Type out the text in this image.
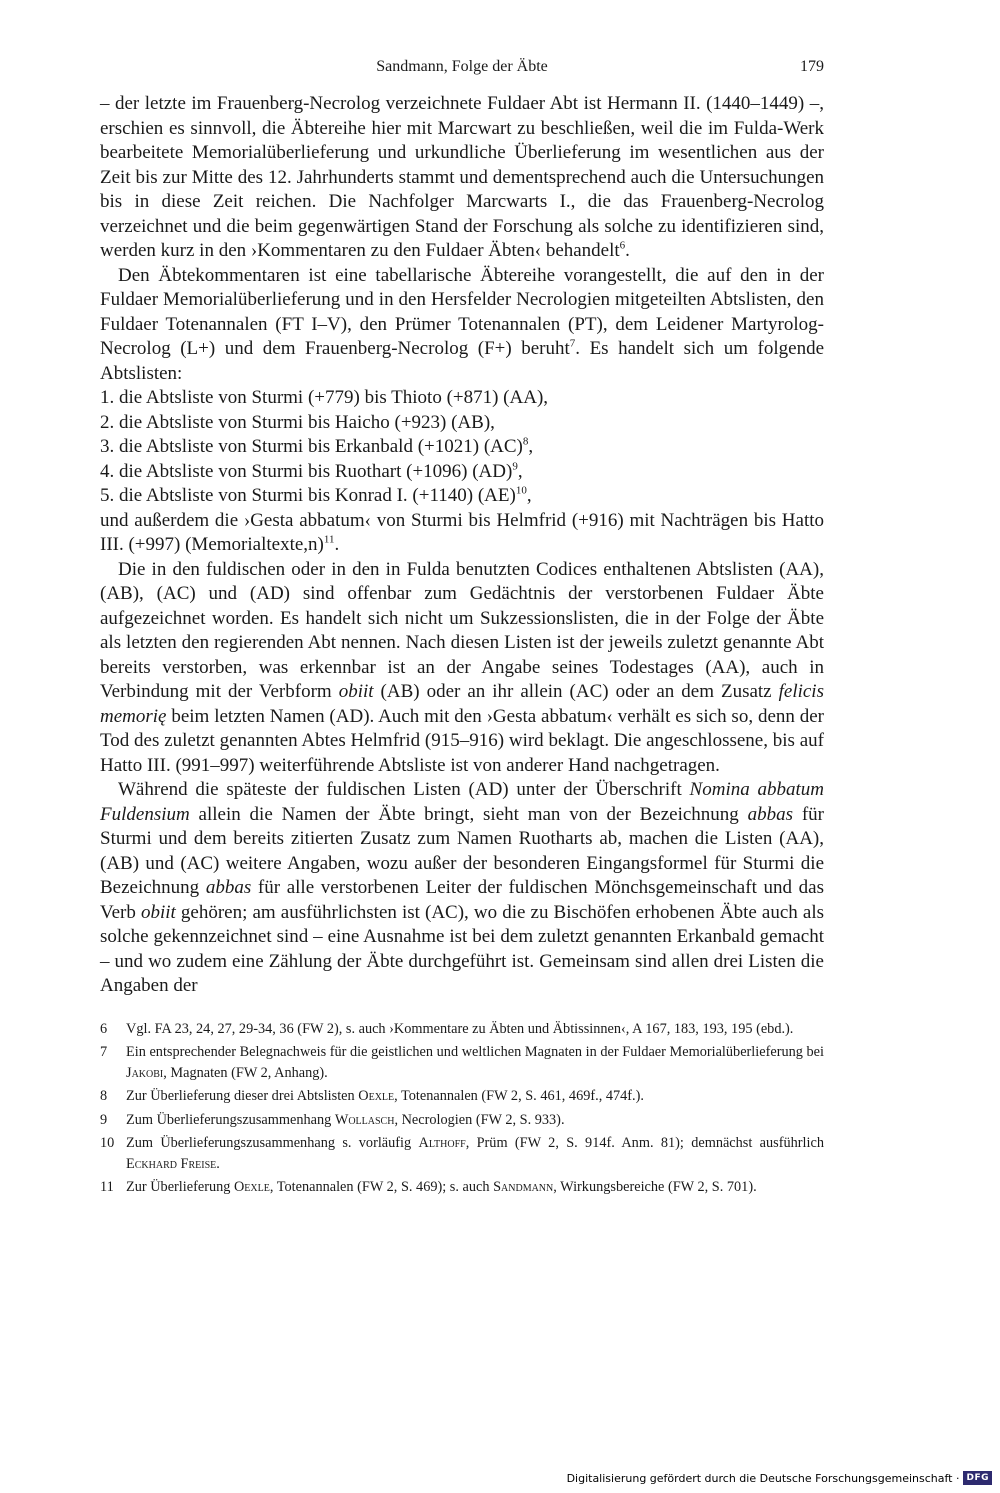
Sandmann, Folge der Äbte	179

– der letzte im Frauenberg-Necrolog verzeichnete Fuldaer Abt ist Hermann II. (1440–1449) –, erschien es sinnvoll, die Äbtereihe hier mit Marcwart zu beschließen, weil die im Fulda-Werk bearbeitete Memorialüberlieferung und urkundliche Überlieferung im wesentlichen aus der Zeit bis zur Mitte des 12. Jahrhunderts stammt und dementsprechend auch die Untersuchungen bis in diese Zeit reichen. Die Nachfolger Marcwarts I., die das Frauenberg-Necrolog verzeichnet und die beim gegenwärtigen Stand der Forschung als solche zu identifizieren sind, werden kurz in den ›Kommentaren zu den Fuldaer Äbten‹ behandelt$^6$.

Den Äbtekommentaren ist eine tabellarische Äbtereihe vorangestellt, die auf den in der Fuldaer Memorialüberlieferung und in den Hersfelder Necrologien mitgeteilten Abtslisten, den Fuldaer Totenannalen (FT I–V), den Prümer Totenannalen (PT), dem Leidener Martyrolog-Necrolog (L+) und dem Frauenberg-Necrolog (F+) beruht$^7$. Es handelt sich um folgende Abtslisten:

1. die Abtsliste von Sturmi (+779) bis Thioto (+871) (AA),
2. die Abtsliste von Sturmi bis Haicho (+923) (AB),
3. die Abtsliste von Sturmi bis Erkanbald (+1021) (AC)$^8$,
4. die Abtsliste von Sturmi bis Ruothart (+1096) (AD)$^9$,
5. die Abtsliste von Sturmi bis Konrad I. (+1140) (AE)$^{10}$,
und außerdem die ›Gesta abbatum‹ von Sturmi bis Helmfrid (+916) mit Nachträgen bis Hatto III. (+997) (Memorialtexte,n)$^{11}$.

Die in den fuldischen oder in den in Fulda benutzten Codices enthaltenen Abtslisten (AA), (AB), (AC) und (AD) sind offenbar zum Gedächtnis der verstorbenen Fuldaer Äbte aufgezeichnet worden. Es handelt sich nicht um Sukzessionslisten, die in der Folge der Äbte als letzten den regierenden Abt nennen. Nach diesen Listen ist der jeweils zuletzt genannte Abt bereits verstorben, was erkennbar ist an der Angabe seines Todestages (AA), auch in Verbindung mit der Verbform obiit (AB) oder an ihr allein (AC) oder an dem Zusatz felicis memorię beim letzten Namen (AD). Auch mit den ›Gesta abbatum‹ verhält es sich so, denn der Tod des zuletzt genannten Abtes Helmfrid (915–916) wird beklagt. Die angeschlossene, bis auf Hatto III. (991–997) weiterführende Abtsliste ist von anderer Hand nachgetragen.

Während die späteste der fuldischen Listen (AD) unter der Überschrift Nomina abbatum Fuldensium allein die Namen der Äbte bringt, sieht man von der Bezeichnung abbas für Sturmi und dem bereits zitierten Zusatz zum Namen Ruotharts ab, machen die Listen (AA), (AB) und (AC) weitere Angaben, wozu außer der besonderen Eingangsformel für Sturmi die Bezeichnung abbas für alle verstorbenen Leiter der fuldischen Mönchsgemeinschaft und das Verb obiit gehören; am ausführlichsten ist (AC), wo die zu Bischöfen erhobenen Äbte auch als solche gekennzeichnet sind – eine Ausnahme ist bei dem zuletzt genannten Erkanbald gemacht – und wo zudem eine Zählung der Äbte durchgeführt ist. Gemeinsam sind allen drei Listen die Angaben der

6	Vgl. FA 23, 24, 27, 29-34, 36 (FW 2), s. auch ›Kommentare zu Äbten und Äbtissinnen‹, A 167, 183, 193, 195 (ebd.).
7	Ein entsprechender Belegnachweis für die geistlichen und weltlichen Magnaten in der Fuldaer Memorialüberlieferung bei Jakobi, Magnaten (FW 2, Anhang).
8	Zur Überlieferung dieser drei Abtslisten Oexle, Totenannalen (FW 2, S. 461, 469f., 474f.).
9	Zum Überlieferungszusammenhang Wollasch, Necrologien (FW 2, S. 933).
10 Zum Überlieferungszusammenhang s. vorläufig Althoff, Prüm (FW 2, S. 914f. Anm. 81); demnächst ausführlich Eckhard Freise.
11 Zur Überlieferung Oexle, Totenannalen (FW 2, S. 469); s. auch Sandmann, Wirkungsbereiche (FW 2, S. 701).
Digitalisierung gefördert durch die Deutsche Forschungsgemeinschaft · DFG
